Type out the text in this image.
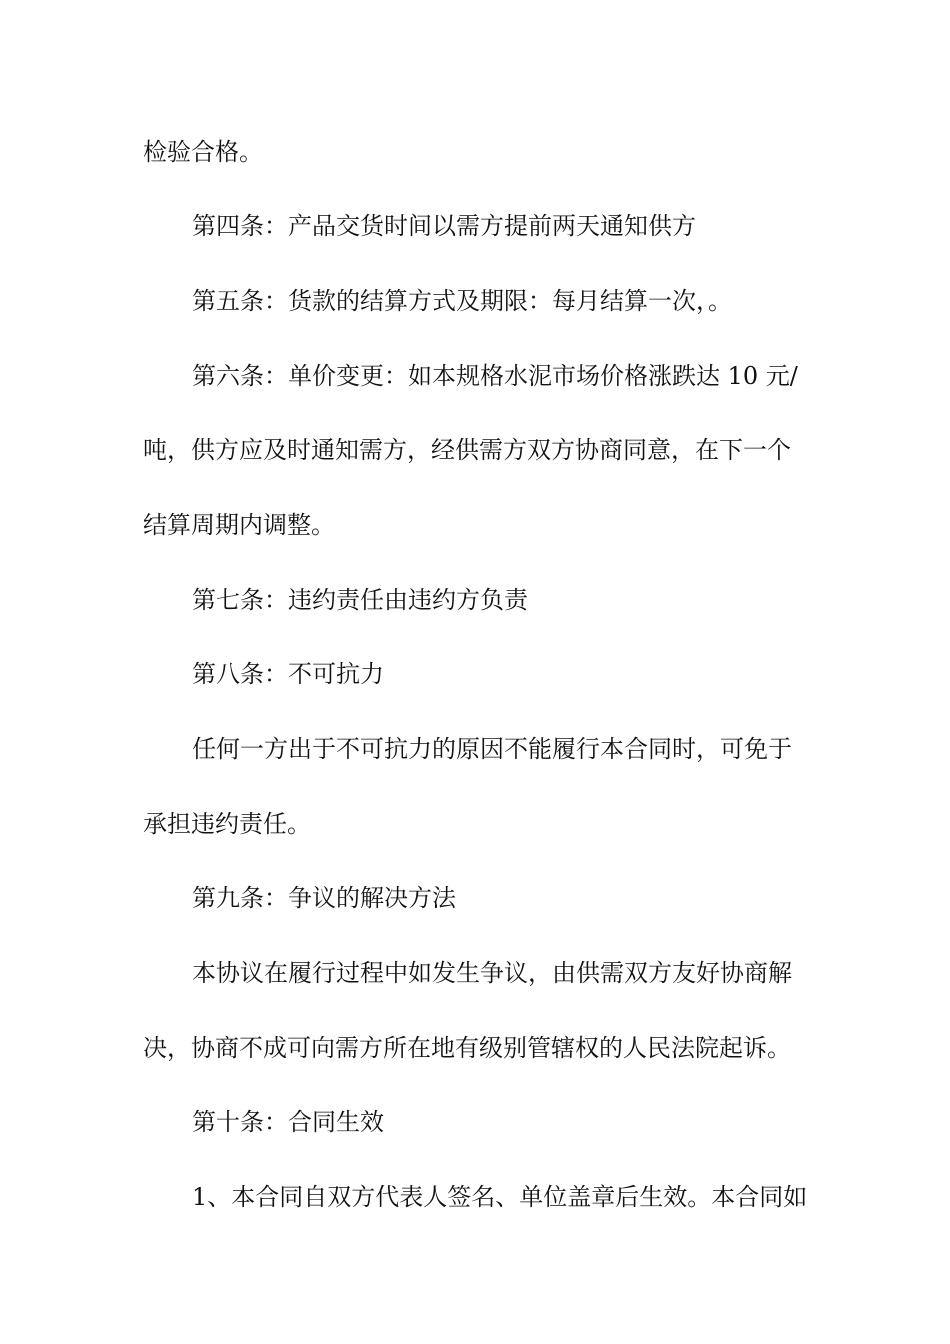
检验合格。
第四条：产品交货时间以需方提前两天通知供方
第五条：货款的结算方式及期限：每月结算一次，。
第六条：单价变更：如本规格水泥市场价格涨跌达 10 元/
吨，供方应及时通知需方，经供需方双方协商同意，在下一个
结算周期内调整。
第七条：违约责任由违约方负责
第八条：不可抗力
任何一方出于不可抗力的原因不能履行本合同时，可免于
承担违约责任。
第九条：争议的解决方法
本协议在履行过程中如发生争议，由供需双方友好协商解
决，协商不成可向需方所在地有级别管辖权的人民法院起诉。
第十条：合同生效
1、本合同自双方代表人签名、单位盖章后生效。本合同如
